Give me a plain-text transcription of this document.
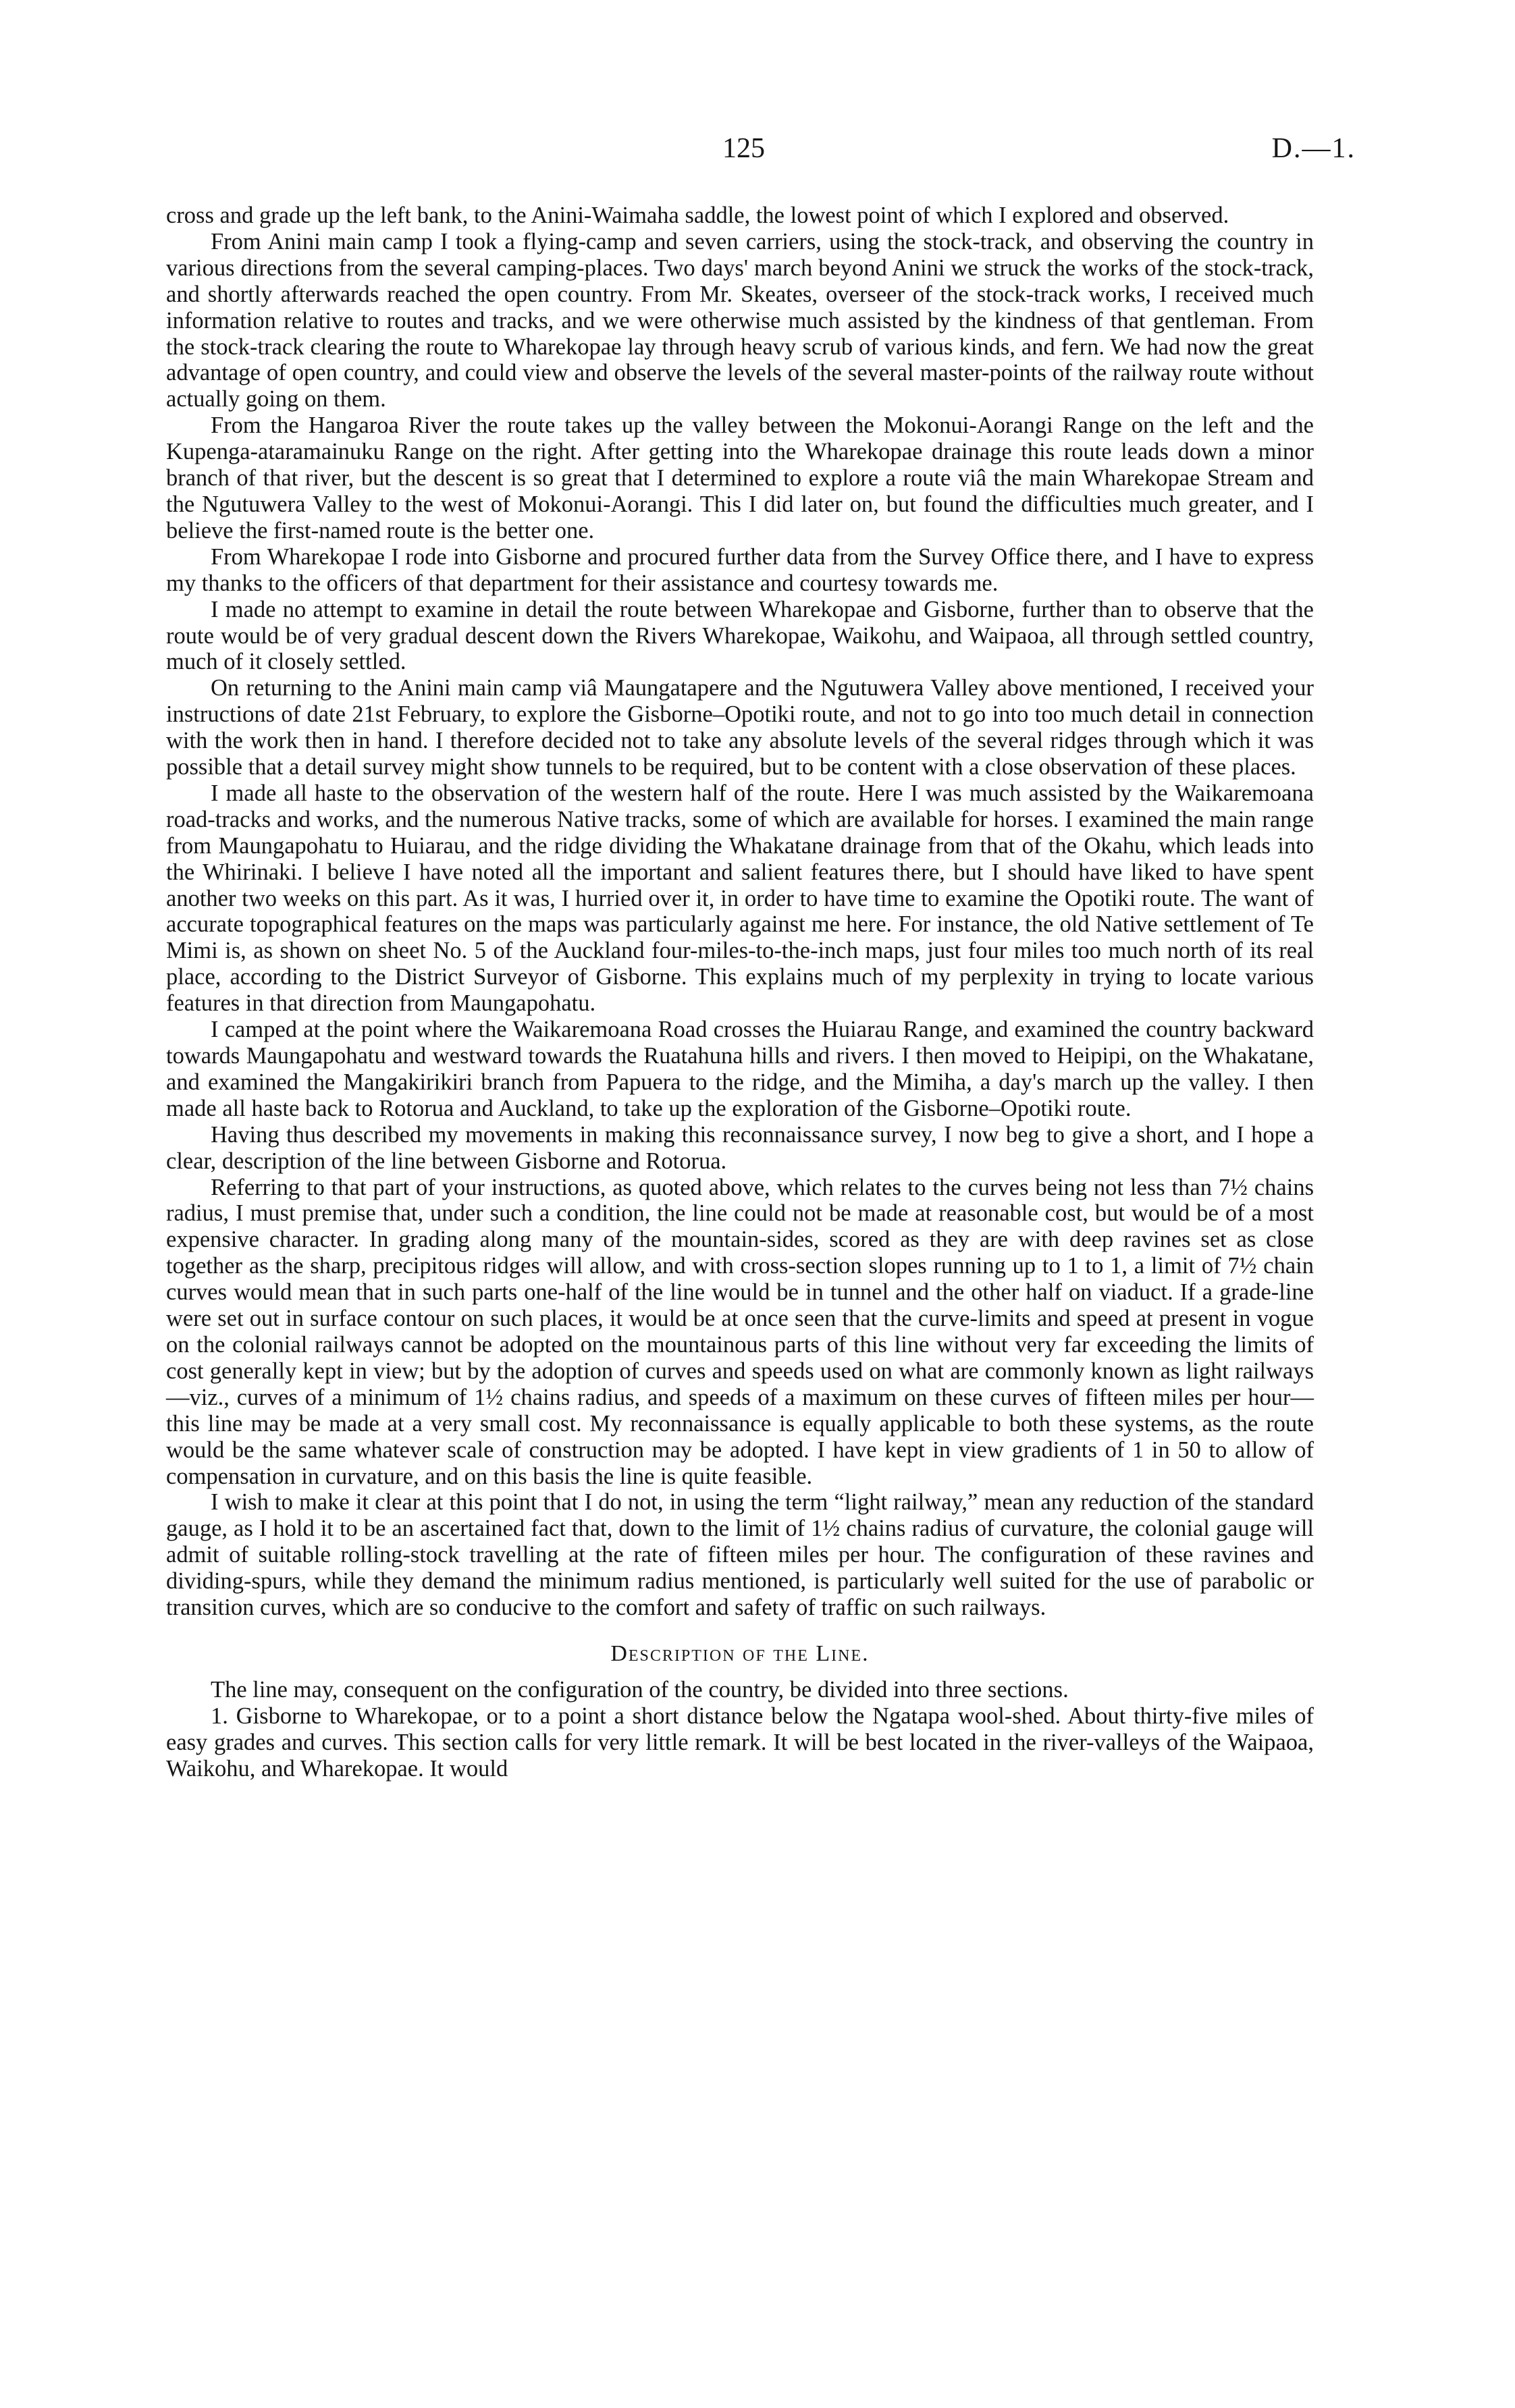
125	D.—1.

cross and grade up the left bank, to the Anini-Waimaha saddle, the lowest point of which I explored and observed.

From Anini main camp I took a flying-camp and seven carriers, using the stock-track, and observing the country in various directions from the several camping-places. Two days' march beyond Anini we struck the works of the stock-track, and shortly afterwards reached the open country. From Mr. Skeates, overseer of the stock-track works, I received much information relative to routes and tracks, and we were otherwise much assisted by the kindness of that gentleman. From the stock-track clearing the route to Wharekopae lay through heavy scrub of various kinds, and fern. We had now the great advantage of open country, and could view and observe the levels of the several master-points of the railway route without actually going on them.

From the Hangaroa River the route takes up the valley between the Mokonui-Aorangi Range on the left and the Kupenga-ataramainuku Range on the right. After getting into the Wharekopae drainage this route leads down a minor branch of that river, but the descent is so great that I determined to explore a route viâ the main Wharekopae Stream and the Ngutuwera Valley to the west of Mokonui-Aorangi. This I did later on, but found the difficulties much greater, and I believe the first-named route is the better one.

From Wharekopae I rode into Gisborne and procured further data from the Survey Office there, and I have to express my thanks to the officers of that department for their assistance and courtesy towards me.

I made no attempt to examine in detail the route between Wharekopae and Gisborne, further than to observe that the route would be of very gradual descent down the Rivers Wharekopae, Waikohu, and Waipaoa, all through settled country, much of it closely settled.

On returning to the Anini main camp viâ Maungatapere and the Ngutuwera Valley above mentioned, I received your instructions of date 21st February, to explore the Gisborne–Opotiki route, and not to go into too much detail in connection with the work then in hand. I therefore decided not to take any absolute levels of the several ridges through which it was possible that a detail survey might show tunnels to be required, but to be content with a close observation of these places.

I made all haste to the observation of the western half of the route. Here I was much assisted by the Waikaremoana road-tracks and works, and the numerous Native tracks, some of which are available for horses. I examined the main range from Maungapohatu to Huiarau, and the ridge dividing the Whakatane drainage from that of the Okahu, which leads into the Whirinaki. I believe I have noted all the important and salient features there, but I should have liked to have spent another two weeks on this part. As it was, I hurried over it, in order to have time to examine the Opotiki route. The want of accurate topographical features on the maps was particularly against me here. For instance, the old Native settlement of Te Mimi is, as shown on sheet No. 5 of the Auckland four-miles-to-the-inch maps, just four miles too much north of its real place, according to the District Surveyor of Gisborne. This explains much of my perplexity in trying to locate various features in that direction from Maungapohatu.

I camped at the point where the Waikaremoana Road crosses the Huiarau Range, and examined the country backward towards Maungapohatu and westward towards the Ruatahuna hills and rivers. I then moved to Heipipi, on the Whakatane, and examined the Mangakirikiri branch from Papuera to the ridge, and the Mimiha, a day's march up the valley. I then made all haste back to Rotorua and Auckland, to take up the exploration of the Gisborne–Opotiki route.

Having thus described my movements in making this reconnaissance survey, I now beg to give a short, and I hope a clear, description of the line between Gisborne and Rotorua.

Referring to that part of your instructions, as quoted above, which relates to the curves being not less than 7½ chains radius, I must premise that, under such a condition, the line could not be made at reasonable cost, but would be of a most expensive character. In grading along many of the mountain-sides, scored as they are with deep ravines set as close together as the sharp, precipitous ridges will allow, and with cross-section slopes running up to 1 to 1, a limit of 7½ chain curves would mean that in such parts one-half of the line would be in tunnel and the other half on viaduct. If a grade-line were set out in surface contour on such places, it would be at once seen that the curve-limits and speed at present in vogue on the colonial railways cannot be adopted on the mountainous parts of this line without very far exceeding the limits of cost generally kept in view; but by the adoption of curves and speeds used on what are commonly known as light railways—viz., curves of a minimum of 1½ chains radius, and speeds of a maximum on these curves of fifteen miles per hour—this line may be made at a very small cost. My reconnaissance is equally applicable to both these systems, as the route would be the same whatever scale of construction may be adopted. I have kept in view gradients of 1 in 50 to allow of compensation in curvature, and on this basis the line is quite feasible.

I wish to make it clear at this point that I do not, in using the term “light railway,” mean any reduction of the standard gauge, as I hold it to be an ascertained fact that, down to the limit of 1½ chains radius of curvature, the colonial gauge will admit of suitable rolling-stock travelling at the rate of fifteen miles per hour. The configuration of these ravines and dividing-spurs, while they demand the minimum radius mentioned, is particularly well suited for the use of parabolic or transition curves, which are so conducive to the comfort and safety of traffic on such railways.

Description of the Line.

The line may, consequent on the configuration of the country, be divided into three sections.

1. Gisborne to Wharekopae, or to a point a short distance below the Ngatapa wool-shed. About thirty-five miles of easy grades and curves. This section calls for very little remark. It will be best located in the river-valleys of the Waipaoa, Waikohu, and Wharekopae. It would
